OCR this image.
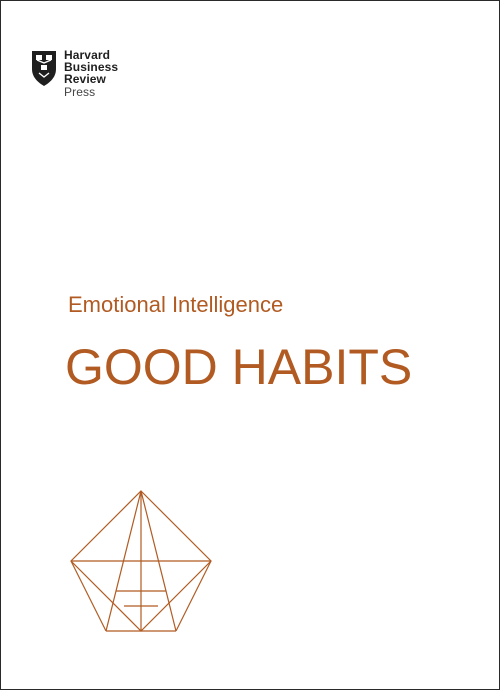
Harvard
Business
Review
Press
Emotional Intelligence
GOOD HABITS
